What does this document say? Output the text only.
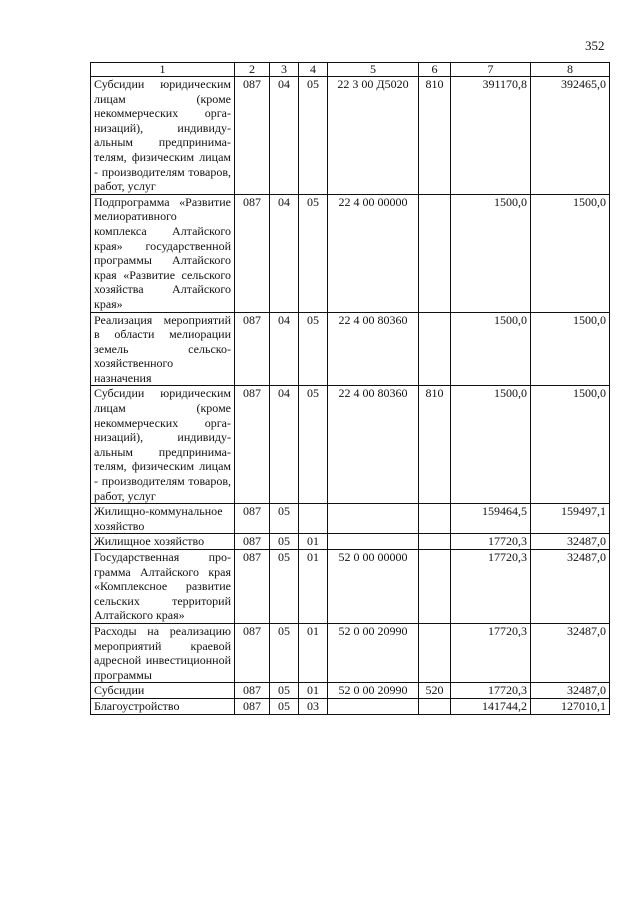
352
1	2	3	4	5	6	7	8
Субсидии юридическим лицам (кроме некоммерческих организаций), индивидуальным предпринимателям, физическим лицам - производителям товаров, работ, услуг	087	04	05	22 3 00 Д5020	810	391170,8	392465,0
Подпрограмма «Развитие мелиоративного комплекса Алтайского края» государственной программы Алтайского края «Развитие сельского хозяйства Алтайского края»	087	04	05	22 4 00 00000		1500,0	1500,0
Реализация мероприятий в области мелиорации земель сельскохозяйственного назначения	087	04	05	22 4 00 80360		1500,0	1500,0
Субсидии юридическим лицам (кроме некоммерческих организаций), индивидуальным предпринимателям, физическим лицам - производителям товаров, работ, услуг	087	04	05	22 4 00 80360	810	1500,0	1500,0
Жилищно-коммунальное хозяйство	087	05				159464,5	159497,1
Жилищное хозяйство	087	05	01			17720,3	32487,0
Государственная программа Алтайского края «Комплексное развитие сельских территорий Алтайского края»	087	05	01	52 0 00 00000		17720,3	32487,0
Расходы на реализацию мероприятий краевой адресной инвестиционной программы	087	05	01	52 0 00 20990		17720,3	32487,0
Субсидии	087	05	01	52 0 00 20990	520	17720,3	32487,0
Благоустройство	087	05	03			141744,2	127010,1
